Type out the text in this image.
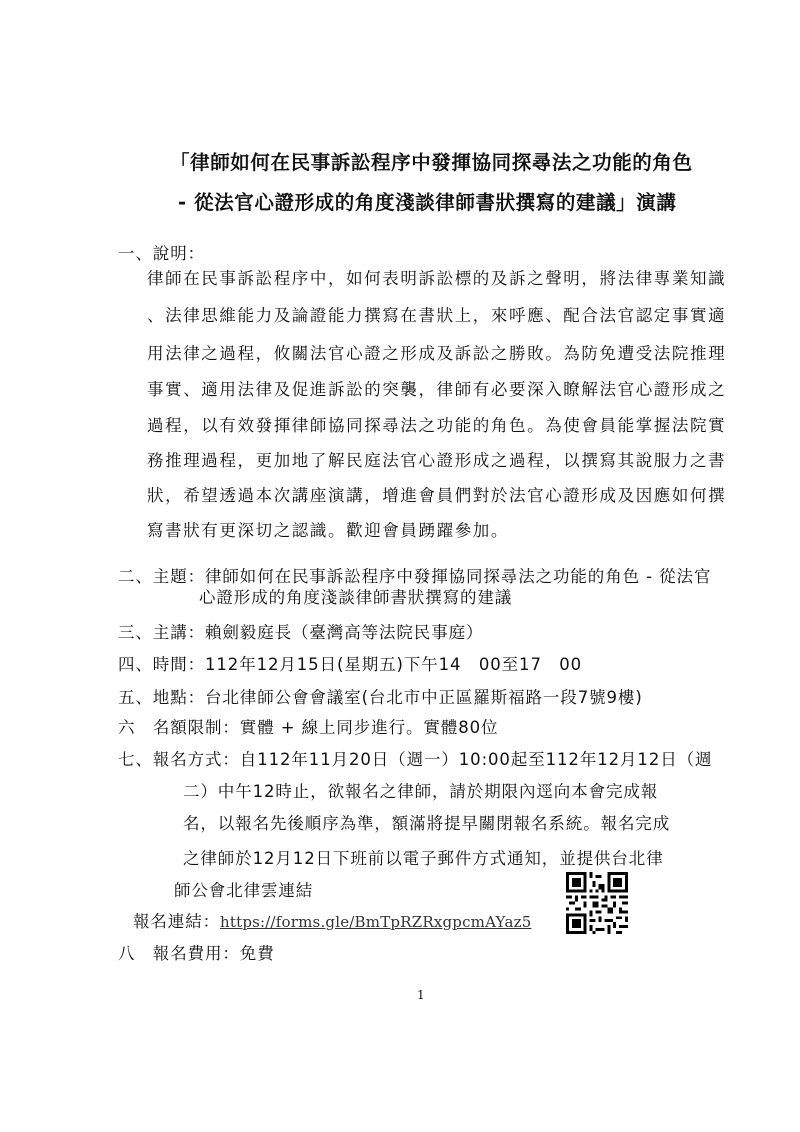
「律師如何在民事訴訟程序中發揮協同探尋法之功能的角色
- 從法官心證形成的角度淺談律師書狀撰寫的建議」演講
一、說明：
律師在民事訴訟程序中，如何表明訴訟標的及訴之聲明，將法律專業知識
、法律思維能力及論證能力撰寫在書狀上，來呼應、配合法官認定事實適
用法律之過程，攸關法官心證之形成及訴訟之勝敗。為防免遭受法院推理
事實、適用法律及促進訴訟的突襲，律師有必要深入瞭解法官心證形成之
過程，以有效發揮律師協同探尋法之功能的角色。為使會員能掌握法院實
務推理過程，更加地了解民庭法官心證形成之過程，以撰寫其說服力之書
狀，希望透過本次講座演講，增進會員們對於法官心證形成及因應如何撰
寫書狀有更深切之認識。歡迎會員踴躍參加。
二、主題：律師如何在民事訴訟程序中發揮協同探尋法之功能的角色 - 從法官
心證形成的角度淺談律師書狀撰寫的建議
三、主講：賴劍毅庭長（臺灣高等法院民事庭）
四、時間：112年12月15日(星期五)下午14　00至17　00
五、地點：台北律師公會會議室(台北市中正區羅斯福路一段7號9樓)
六　名額限制：實體 + 線上同步進行。實體80位
七、報名方式：自112年11月20日（週一）10:00起至112年12月12日（週
二）中午12時止，欲報名之律師，請於期限內逕向本會完成報
名，以報名先後順序為準，額滿將提早關閉報名系統。報名完成
之律師於12月12日下班前以電子郵件方式通知，並提供台北律
師公會北律雲連結
報名連結：https://forms.gle/BmTpRZRxgpcmAYaz5
八　報名費用：免費
1
